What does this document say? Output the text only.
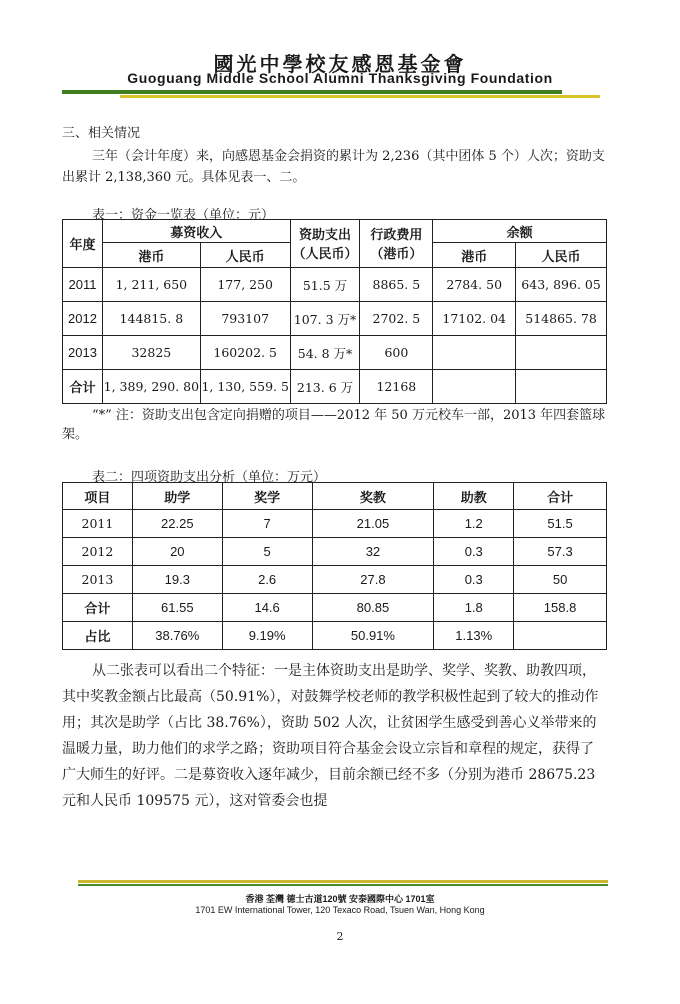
國光中學校友感恩基金會
Guoguang Middle School Alumni Thanksgiving Foundation
三、相关情况
三年（会计年度）来，向感恩基金会捐资的累计为 2,236（其中团体 5 个）人次；资助支出累计 2,138,360 元。具体见表一、二。
表一：资金一览表（单位：元）
年度	募资收入		资助支出（人民币）	行政费用（港币）	余额	
	港币	人民币			港币	人民币
2011	1, 211, 650	177, 250	51.5 万	8865. 5	2784. 50	643, 896. 05
2012	144815. 8	793107	107. 3 万*	2702. 5	17102. 04	514865. 78
2013	32825	160202. 5	54. 8 万*	600		
合计	1, 389, 290. 80	1, 130, 559. 5	213. 6 万	12168		
“*” 注：资助支出包含定向捐赠的项目——2012 年 50 万元校车一部，2013 年四套篮球架。
表二：四项资助支出分析（单位：万元）
项目	助学	奖学	奖教	助教	合计
2011	22.25	7	21.05	1.2	51.5
2012	20	5	32	0.3	57.3
2013	19.3	2.6	27.8	0.3	50
合计	61.55	14.6	80.85	1.8	158.8
占比	38.76%	9.19%	50.91%	1.13%	
从二张表可以看出二个特征：一是主体资助支出是助学、奖学、奖教、助教四项，其中奖教金额占比最高（50.91%），对鼓舞学校老师的教学积极性起到了较大的推动作用；其次是助学（占比 38.76%），资助 502 人次，让贫困学生感受到善心义举带来的温暖力量，助力他们的求学之路；资助项目符合基金会设立宗旨和章程的规定，获得了广大师生的好评。二是募资收入逐年减少，目前余额已经不多（分别为港币 28675.23 元和人民币 109575 元），这对管委会也提
香港 荃灣 德士古道120號 安泰國際中心 1701室
1701 EW International Tower, 120 Texaco Road, Tsuen Wan, Hong Kong
2
